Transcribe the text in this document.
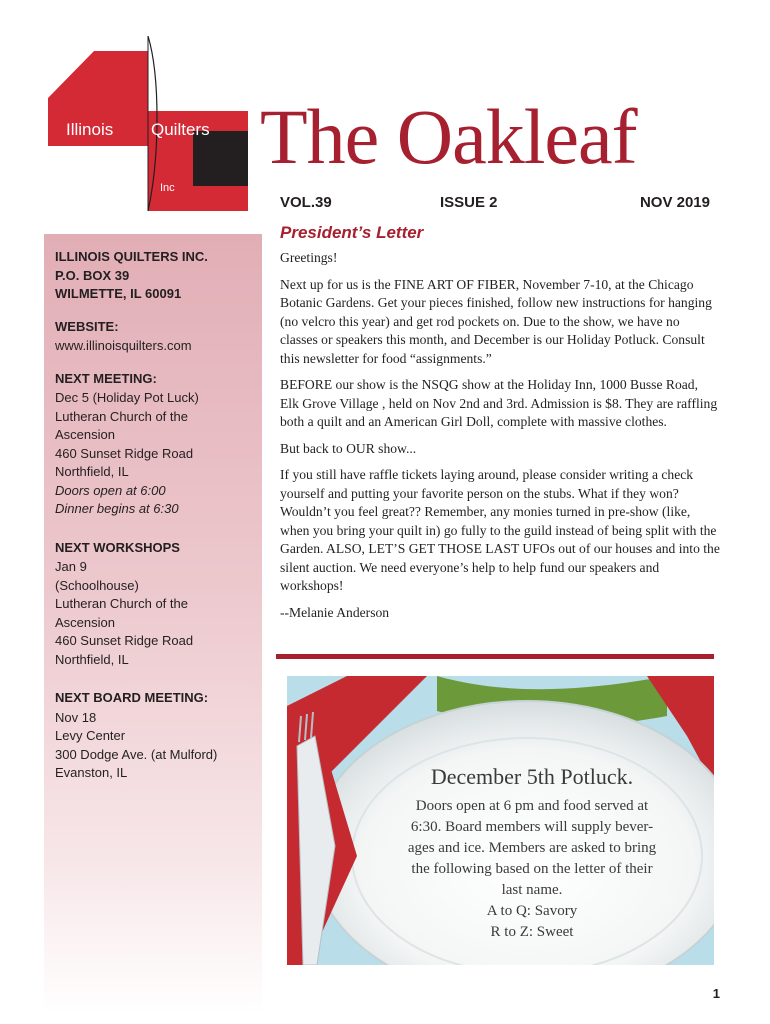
Illinois Quilters
Inc
The Oakleaf
VOL.39	ISSUE 2	NOV 2019
ILLINOIS QUILTERS INC.
P.O. BOX 39
WILMETTE, IL 60091
WEBSITE:
www.illinoisquilters.com
NEXT MEETING:
Dec 5 (Holiday Pot Luck)
Lutheran Church of the
Ascension
460 Sunset Ridge Road
Northfield, IL
Doors open at 6:00
Dinner begins at 6:30
NEXT WORKSHOPS
Jan 9
(Schoolhouse)
Lutheran Church of the
Ascension
460 Sunset Ridge Road
Northfield, IL
NEXT BOARD MEETING:
Nov 18
Levy Center
300 Dodge Ave. (at Mulford)
Evanston, IL
President’s Letter

Greetings!

Next up for us is the FINE ART OF FIBER, November 7-10, at the Chicago Botanic Gardens. Get your pieces finished, follow new instructions for hanging (no velcro this year) and get rod pockets on. Due to the show, we have no classes or speakers this month, and December is our Holiday Potluck. Consult this newsletter for food “assignments.”

BEFORE our show is the NSQG show at the Holiday Inn, 1000 Busse Road, Elk Grove Village , held on Nov 2nd and 3rd. Admission is $8. They are raffling both a quilt and an American Girl Doll, complete with massive clothes.

But back to OUR show...

If you still have raffle tickets laying around, please consider writing a check yourself and putting your favorite person on the stubs. What if they won? Wouldn’t you feel great?? Remember, any monies turned in pre-show (like, when you bring your quilt in) go fully to the guild instead of being split with the Garden. ALSO, LET’S GET THOSE LAST UFOs out of our houses and into the silent auction. We need everyone’s help to help fund our speakers and workshops!

--Melanie Anderson

December 5th Potluck.
Doors open at 6 pm and food served at
6:30. Board members will supply bever-
ages and ice. Members are asked to bring
the following based on the letter of their
last name.
A to Q: Savory
R to Z: Sweet
1
